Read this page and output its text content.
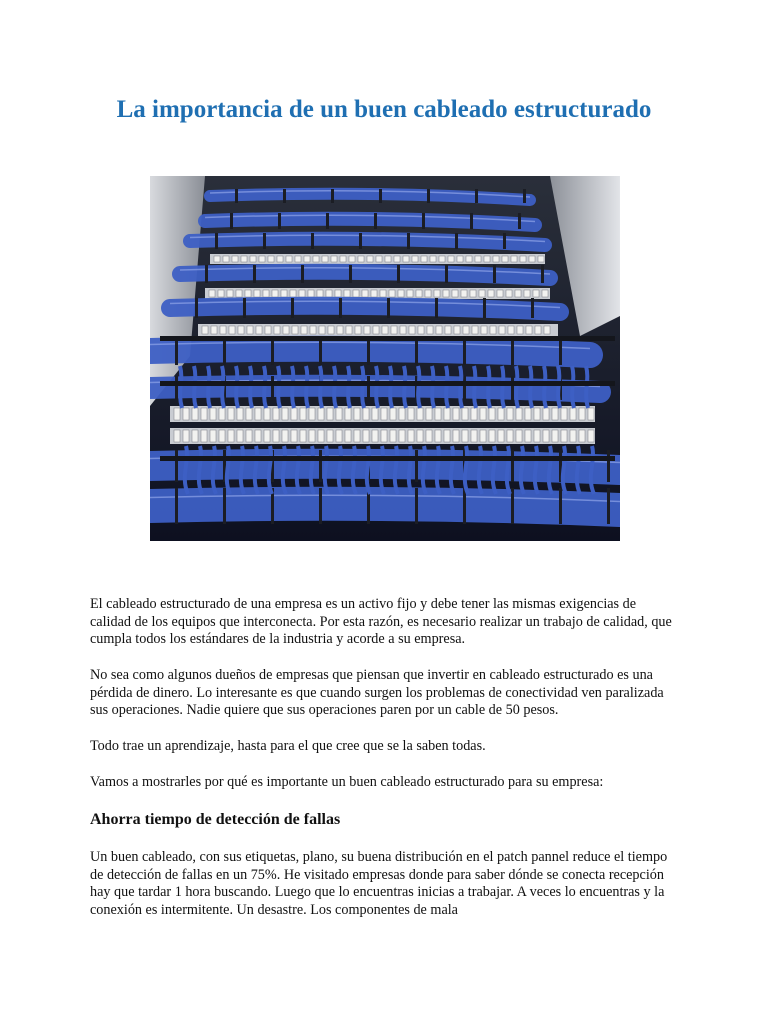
La importancia de un buen cableado estructurado

El cableado estructurado de una empresa es un activo fijo y debe tener las mismas exigencias de calidad de los equipos que interconecta. Por esta razón, es necesario realizar un trabajo de calidad, que cumpla todos los estándares de la industria y acorde a su empresa.

No sea como algunos dueños de empresas que piensan que invertir en cableado estructurado es una pérdida de dinero. Lo interesante es que cuando surgen los problemas de conectividad ven paralizada sus operaciones. Nadie quiere que sus operaciones paren por un cable de 50 pesos.

Todo trae un aprendizaje, hasta para el que cree que se la saben todas.

Vamos a mostrarles por qué es importante un buen cableado estructurado para su empresa:

Ahorra tiempo de detección de fallas

Un buen cableado, con sus etiquetas, plano, su buena distribución en el patch pannel reduce el tiempo de detección de fallas en un 75%. He visitado empresas donde para saber dónde se conecta recepción hay que tardar 1 hora buscando. Luego que lo encuentras inicias a trabajar. A veces lo encuentras y la conexión es intermitente. Un desastre. Los componentes de mala
